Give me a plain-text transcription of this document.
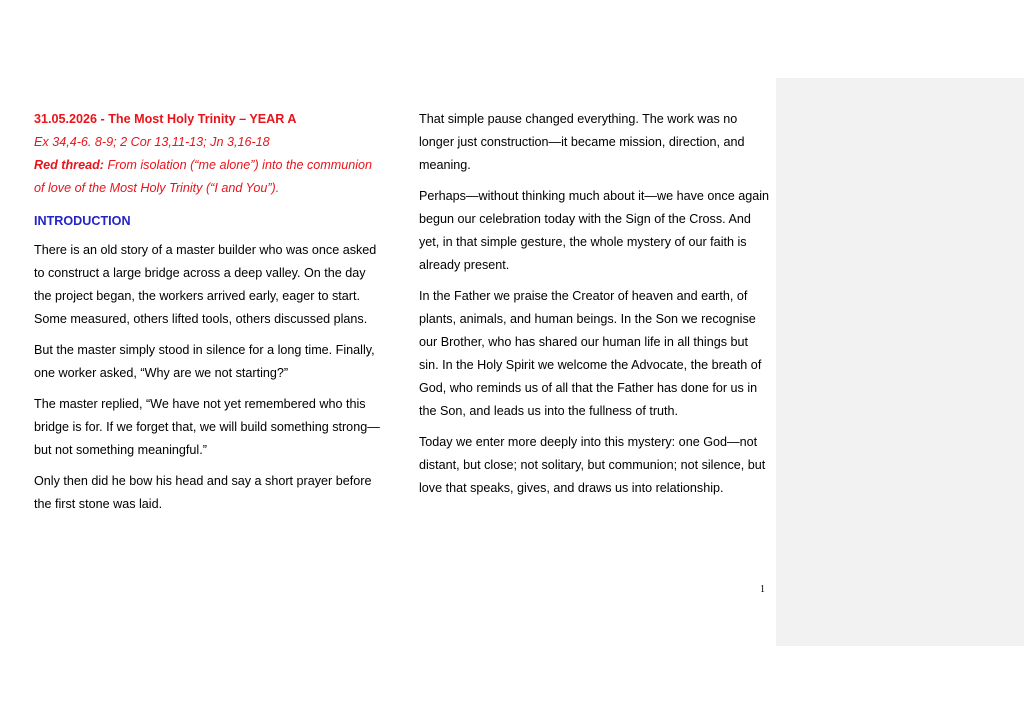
31.05.2026 - The Most Holy Trinity – YEAR A

Ex 34,4-6. 8-9; 2 Cor 13,11-13; Jn 3,16-18

Red thread: From isolation (“me alone”) into the communion of love of the Most Holy Trinity (“I and You”).

INTRODUCTION

There is an old story of a master builder who was once asked to construct a large bridge across a deep valley. On the day the project began, the workers arrived early, eager to start. Some measured, others lifted tools, others discussed plans.

But the master simply stood in silence for a long time. Finally, one worker asked, “Why are we not starting?”

The master replied, “We have not yet remembered who this bridge is for. If we forget that, we will build something strong—but not something meaningful.”

Only then did he bow his head and say a short prayer before the first stone was laid.

That simple pause changed everything. The work was no longer just construction—it became mission, direction, and meaning.

Perhaps—without thinking much about it—we have once again begun our celebration today with the Sign of the Cross. And yet, in that simple gesture, the whole mystery of our faith is already present.

In the Father we praise the Creator of heaven and earth, of plants, animals, and human beings. In the Son we recognise our Brother, who has shared our human life in all things but sin. In the Holy Spirit we welcome the Advocate, the breath of God, who reminds us of all that the Father has done for us in the Son, and leads us into the fullness of truth.

Today we enter more deeply into this mystery: one God—not distant, but close; not solitary, but communion; not silence, but love that speaks, gives, and draws us into relationship.

1
